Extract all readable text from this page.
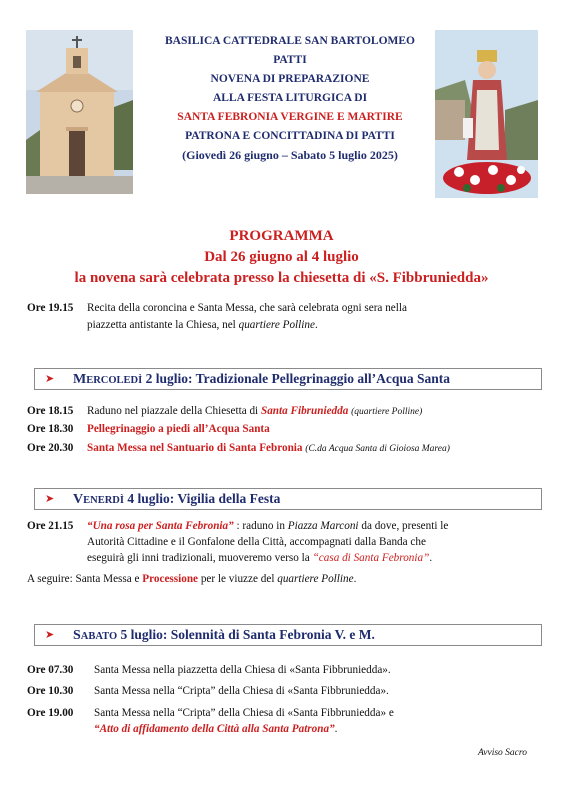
BASILICA CATTEDRALE SAN BARTOLOMEO
PATTI
NOVENA DI PREPARAZIONE
ALLA FESTA LITURGICA DI
SANTA FEBRONIA VERGINE E MARTIRE
PATRONA E CONCITTADINA DI PATTI
(Giovedì 26 giugno – Sabato 5 luglio 2025)
PROGRAMMA
Dal 26 giugno al 4 luglio
la novena sarà celebrata presso la chiesetta di «S. Fibbruniedda»
Ore 19.15 Recita della coroncina e Santa Messa, che sarà celebrata ogni sera nella
piazzetta antistante la Chiesa, nel quartiere Polline.
➤ MERCOLEDÌ 2 luglio: Tradizionale Pellegrinaggio all’Acqua Santa
Ore 18.15 Raduno nel piazzale della Chiesetta di Santa Fibruniedda (quartiere Polline)
Ore 18.30 Pellegrinaggio a piedi all’Acqua Santa
Ore 20.30 Santa Messa nel Santuario di Santa Febronia (C.da Acqua Santa di Gioiosa Marea)
➤ VENERDÌ 4 luglio: Vigilia della Festa
Ore 21.15 “Una rosa per Santa Febronia” : raduno in Piazza Marconi da dove, presenti le
Autorità Cittadine e il Gonfalone della Città, accompagnati dalla Banda che
eseguirà gli inni tradizionali, muoveremo verso la “casa di Santa Febronia”.
A seguire: Santa Messa e Processione per le viuzze del quartiere Polline.
➤ SABATO 5 luglio: Solennità di Santa Febronia V. e M.
Ore 07.30 Santa Messa nella piazzetta della Chiesa di «Santa Fibbruniedda».
Ore 10.30 Santa Messa nella “Cripta” della Chiesa di «Santa Fibbruniedda».
Ore 19.00 Santa Messa nella “Cripta” della Chiesa di «Santa Fibbruniedda» e
“Atto di affidamento della Città alla Santa Patrona”.
Avviso Sacro
